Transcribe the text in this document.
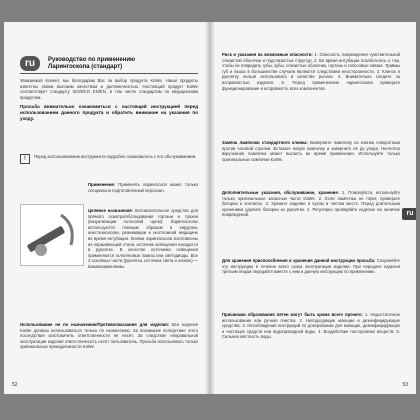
ru	Руководство по применению
Ларингоскопа (стандарт)
Уважаемый Клиент, мы благодарим Вас за выбор продукта KaWe. Наши продукты известны своим высоким качеством и долговечностью. Настоящий продукт KaWe соответствует стандарту ISO/ИСО EN/EN, в том числе стандартам по медицинским продуктам.
Просьба внимательно ознакомиться с настоящей инструкцией перед использованием данного продукта и обратить внимание на указания по уходу.
!	Перед использованием инструмента подробно ознакомьтесь с его обслуживанием.
Применение: Применять ларингоскоп может только специально подготовленный персонал.
Целевое назначение: Вспомогательное средство для прямого осмотра/обследования гортани и трахеи (визуализации голосовой щели). Ларингоскопы используются главным образом в хирургии, анестезиологии, реанимации и неотложной медицине во время интубации. Клинки ларингоскопа изготовлены из нержавеющей стали, источник освещения находится в рукоятке. В качестве источника освещения применяются галогеновые лампы или светодиоды. Все 3 основных части (рукоятка, источник света и клинок) — взаимозаменяемы.
Использование не по назначению/Противопоказания для изделия: Все изделия KaWe должны использоваться только по назначению. За возникшие вследствие этого последствия изготовитель ответственности не несёт. За следствие неправильной эксплуатации изделия ответственность несёт пользователь. Просьба использовать только оригинальные принадлежности KaWe.
52
Риск и указания на возможные опасности: 1. Опасность повреждения чувствительной слизистой оболочки и подслизистых структур. 2. Во время интубации позаботьтесь о том, чтобы не повредить губы, зубы, слизистые оболочки, гортань и голосовые связки. Травмы губ и языка в большинстве случаев являются следствием неосторожности. 3. Клинок и рукоятку нельзя использовать в качестве рычага. 4. Внимательно следите за исправностью изделия. 5. Перед применением ларингоскопа проверьте функционирование и исправность всех компонентов.
Замена лампочки стандартного клинка: Выверните лампочку из клинка поворотным против часовой стрелки. Вставьте новую лампочку и заверните её до упора. Неплотно вкрученная лампочка может выпасть во время применения. Используйте только оригинальные лампочки KaWe.
Дополнительные указания, обслуживание, хранение: 1. Пожалуйста, используйте только оригинальные запасные части KaWe. 2. Если лампочка не горит, проверьте батареи и контакты. 3. Храните изделие в сухом и чистом месте. Перед длительным хранением удалите батареи из рукоятки. 4. Регулярно проверяйте изделие на наличие повреждений.
Для хранения приспособления и хранения данной инструкции просьба: Сохраняйте эту инструкцию в течение всего срока эксплуатации изделия. При передаче изделия третьим лицам передайте вместе с ним и данную инструкцию по применению.
Причинами образования пятен могут быть кроме всего прочего: 1. Недостаточное использование или ручная очистка. 2. Неподходящие моющие и дезинфицирующие средства. 3. Несоблюдение инструкций по дозированию для моющих, дезинфицирующих и чистящих средств или водопроводной воды. 4. Воздействие посторонних веществ. 5. Сильная жёсткость воды.
ru
53
